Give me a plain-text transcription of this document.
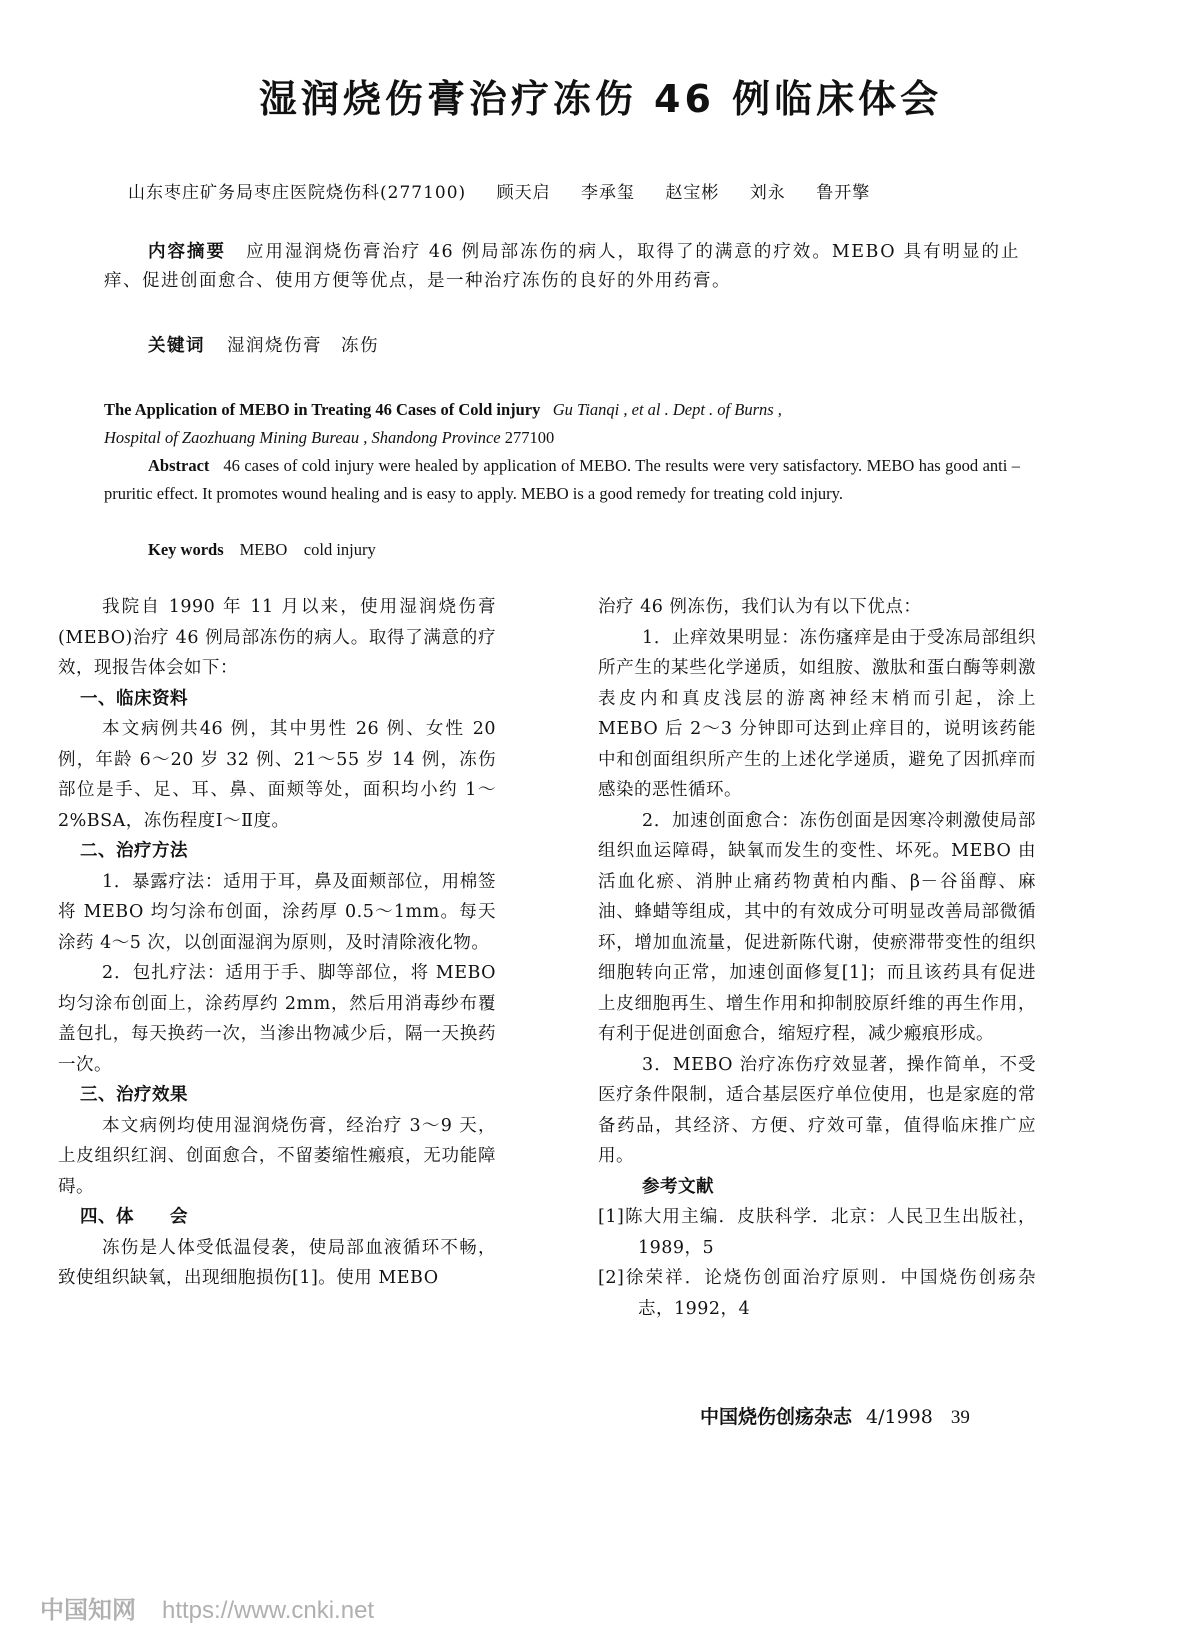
湿润烧伤膏治疗冻伤 46 例临床体会
山东枣庄矿务局枣庄医院烧伤科(277100) 顾天启 李承玺 赵宝彬 刘永 鲁开擎
内容摘要 应用湿润烧伤膏治疗 46 例局部冻伤的病人，取得了的满意的疗效。MEBO 具有明显的止痒、促进创面愈合、使用方便等优点，是一种治疗冻伤的良好的外用药膏。
关键词 湿润烧伤膏　冻伤
The Application of MEBO in Treating 46 Cases of Cold injury Gu Tianqi , et al . Dept . of Burns ,
Hospital of Zaozhuang Mining Bureau , Shandong Province 277100
Abstract 46 cases of cold injury were healed by application of MEBO. The results were very satisfactory. MEBO has good anti – pruritic effect. It promotes wound healing and is easy to apply. MEBO is a good remedy for treating cold injury.
Key words MEBO　cold injury

我院自 1990 年 11 月以来，使用湿润烧伤膏(MEBO)治疗 46 例局部冻伤的病人。取得了满意的疗效，现报告体会如下：

一、临床资料

本文病例共46 例，其中男性 26 例、女性 20 例，年龄 6～20 岁 32 例、21～55 岁 14 例，冻伤部位是手、足、耳、鼻、面颊等处，面积均小约 1～2%BSA，冻伤程度Ⅰ～Ⅱ度。

二、治疗方法

1．暴露疗法：适用于耳，鼻及面颊部位，用棉签将 MEBO 均匀涂布创面，涂药厚 0.5～1mm。每天涂药 4～5 次，以创面湿润为原则，及时清除液化物。

2．包扎疗法：适用于手、脚等部位，将 MEBO 均匀涂布创面上，涂药厚约 2mm，然后用消毒纱布覆盖包扎，每天换药一次，当渗出物减少后，隔一天换药一次。

三、治疗效果

本文病例均使用湿润烧伤膏，经治疗 3～9 天，上皮组织红润、创面愈合，不留萎缩性瘢痕，无功能障碍。

四、体　　会

冻伤是人体受低温侵袭，使局部血液循环不畅，致使组织缺氧，出现细胞损伤[1]。使用 MEBO

治疗 46 例冻伤，我们认为有以下优点：

1．止痒效果明显：冻伤瘙痒是由于受冻局部组织所产生的某些化学递质，如组胺、激肽和蛋白酶等刺激表皮内和真皮浅层的游离神经末梢而引起，涂上 MEBO 后 2～3 分钟即可达到止痒目的，说明该药能中和创面组织所产生的上述化学递质，避免了因抓痒而感染的恶性循环。

2．加速创面愈合：冻伤创面是因寒冷刺激使局部组织血运障碍，缺氧而发生的变性、坏死。MEBO 由活血化瘀、消肿止痛药物黄柏内酯、β－谷甾醇、麻油、蜂蜡等组成，其中的有效成分可明显改善局部微循环，增加血流量，促进新陈代谢，使瘀滞带变性的组织细胞转向正常，加速创面修复[1]；而且该药具有促进上皮细胞再生、增生作用和抑制胶原纤维的再生作用，有利于促进创面愈合，缩短疗程，减少瘢痕形成。

3．MEBO 治疗冻伤疗效显著，操作简单，不受医疗条件限制，适合基层医疗单位使用，也是家庭的常备药品，其经济、方便、疗效可靠，值得临床推广应用。

参考文献

[1]陈大用主编．皮肤科学．北京：人民卫生出版社，1989，5

[2]徐荣祥．论烧伤创面治疗原则．中国烧伤创疡杂志，1992，4

中国烧伤创疡杂志 4/1998 39
中国知网 https://www.cnki.net
